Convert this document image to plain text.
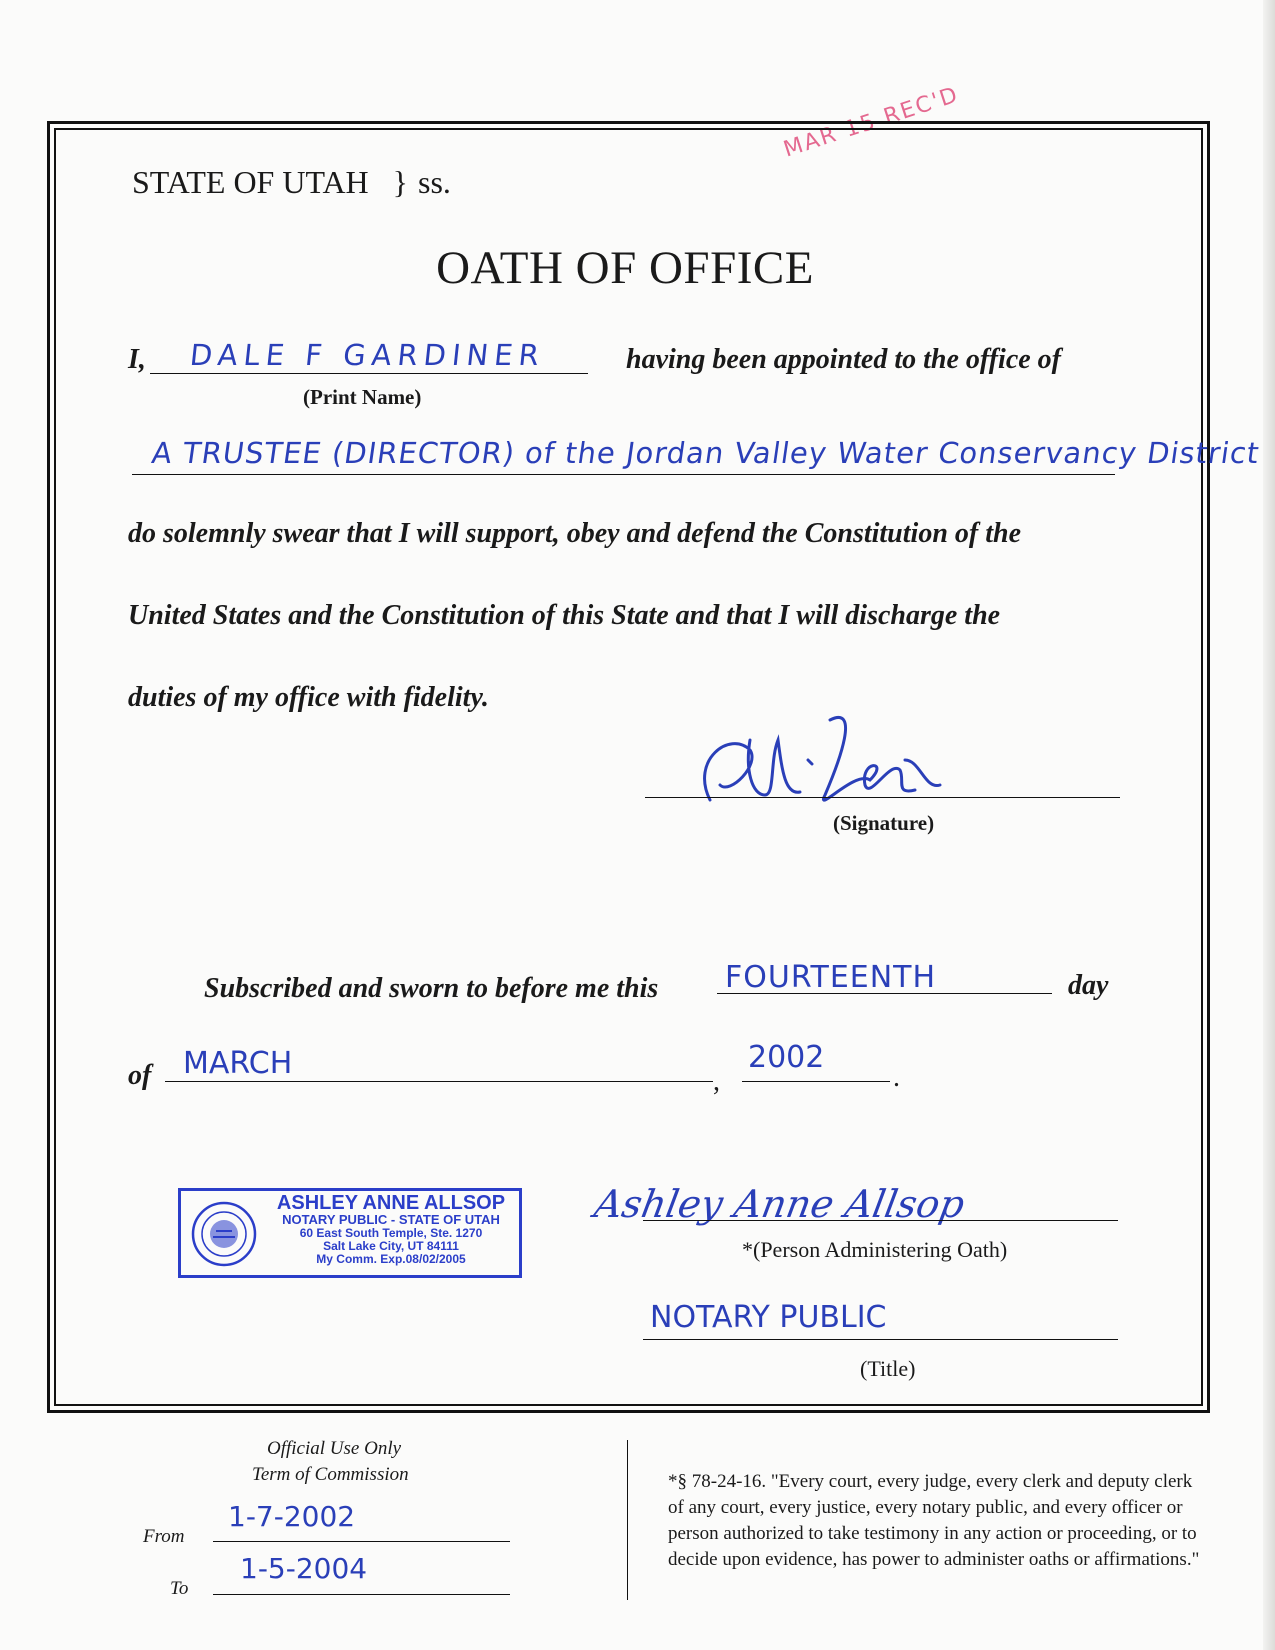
MAR 15 REC'D
STATE OF UTAH } ss.
OATH OF OFFICE
I, DALE F GARDINER
(Print Name)
having been appointed to the office of
A TRUSTEE (DIRECTOR) of the Jordan Valley Water Conservancy District
do solemnly swear that I will support, obey and defend the Constitution of the
United States and the Constitution of this State and that I will discharge the
duties of my office with fidelity.
(Signature)
Subscribed and sworn to before me this FOURTEENTH	day
of MARCH
,
2002
.
ASHLEY ANNE ALLSOP
NOTARY PUBLIC - STATE OF UTAH
60 East South Temple, Ste. 1270
Salt Lake City, UT 84111
My Comm. Exp.08/02/2005
Ashley Anne Allsop
*(Person Administering Oath)
NOTARY PUBLIC
(Title)
Official Use Only
Term of Commission
From
1-7-2002
To
1-5-2004
*§ 78-24-16. "Every court, every judge, every clerk and deputy clerk of any court, every justice, every notary public, and every officer or person authorized to take testimony in any action or proceeding, or to decide upon evidence, has power to administer oaths or affirmations."
